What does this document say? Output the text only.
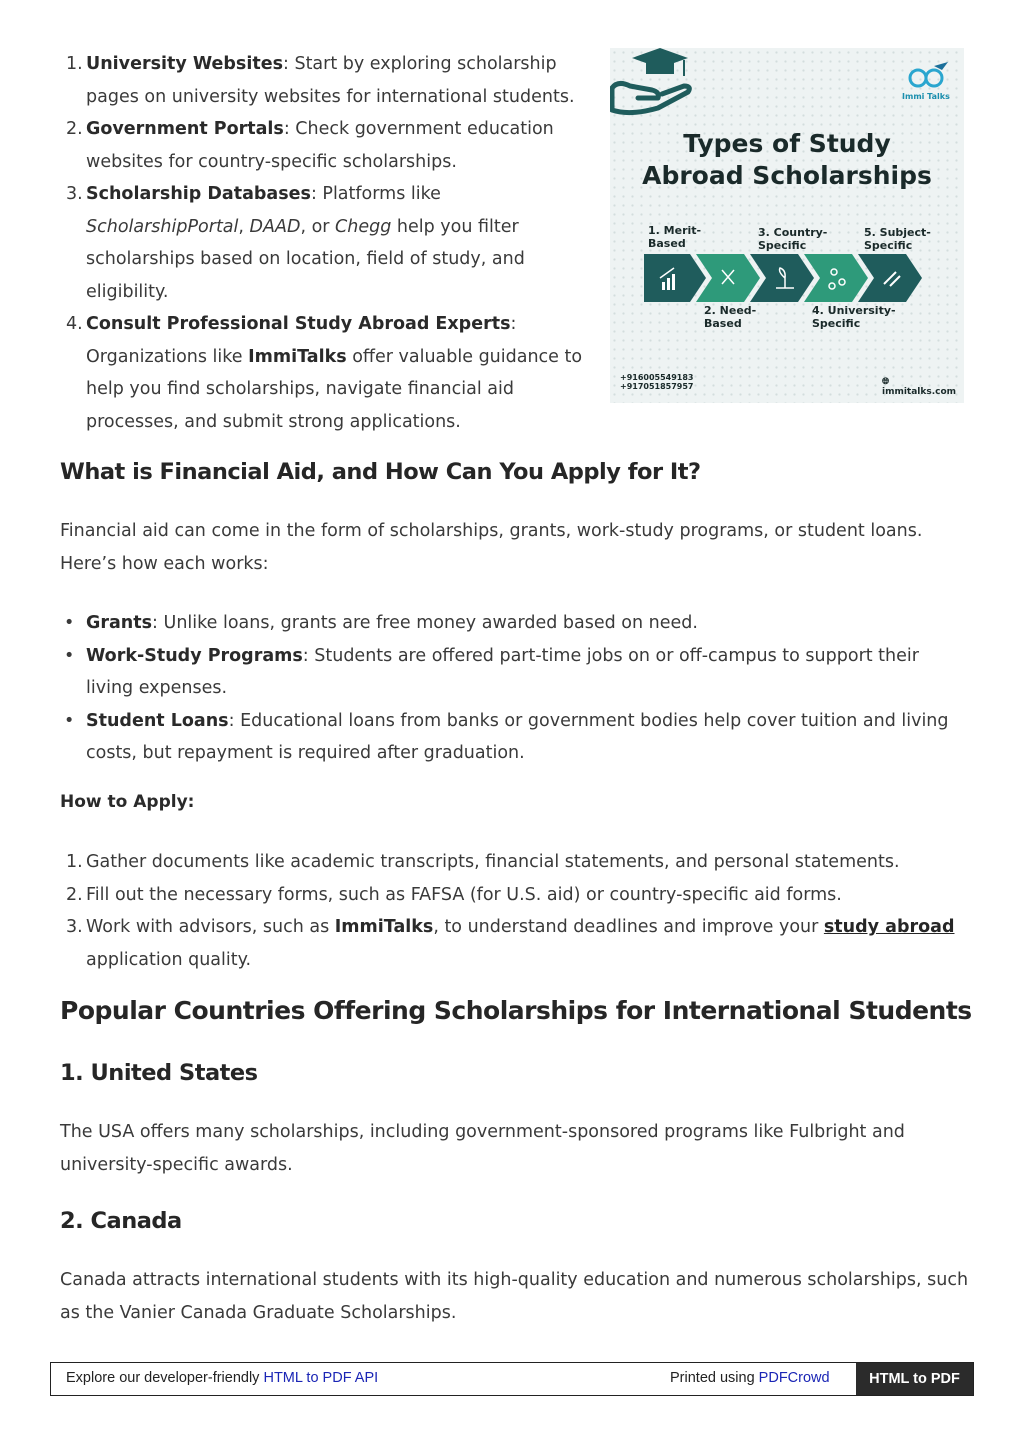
1. University Websites: Start by exploring scholarship pages on university websites for international students.
2. Government Portals: Check government education websites for country-specific scholarships.
3. Scholarship Databases: Platforms like ScholarshipPortal, DAAD, or Chegg help you filter scholarships based on location, field of study, and eligibility.
4. Consult Professional Study Abroad Experts: Organizations like ImmiTalks offer valuable guidance to help you find scholarships, navigate financial aid processes, and submit strong applications.
Immi Talks
Types of Study
Abroad Scholarships
1. Merit-
Based
3. Country-
Specific
5. Subject-
Specific
2. Need-
Based
4. University-
Specific
+916005549183
+917051857957	🌐︎ immitalks.com
What is Financial Aid, and How Can You Apply for It?
Financial aid can come in the form of scholarships, grants, work-study programs, or student loans. Here’s how each works:
• Grants: Unlike loans, grants are free money awarded based on need.
• Work-Study Programs: Students are offered part-time jobs on or off-campus to support their living expenses.
• Student Loans: Educational loans from banks or government bodies help cover tuition and living costs, but repayment is required after graduation.
How to Apply:
1. Gather documents like academic transcripts, financial statements, and personal statements.
2. Fill out the necessary forms, such as FAFSA (for U.S. aid) or country-specific aid forms.
3. Work with advisors, such as ImmiTalks, to understand deadlines and improve your study abroad application quality.
Popular Countries Offering Scholarships for International Students
1. United States
The USA offers many scholarships, including government-sponsored programs like Fulbright and university-specific awards.
2. Canada
Canada attracts international students with its high-quality education and numerous scholarships, such as the Vanier Canada Graduate Scholarships.
Explore our developer-friendly HTML to PDF API	Printed using PDFCrowd	HTML to PDF
